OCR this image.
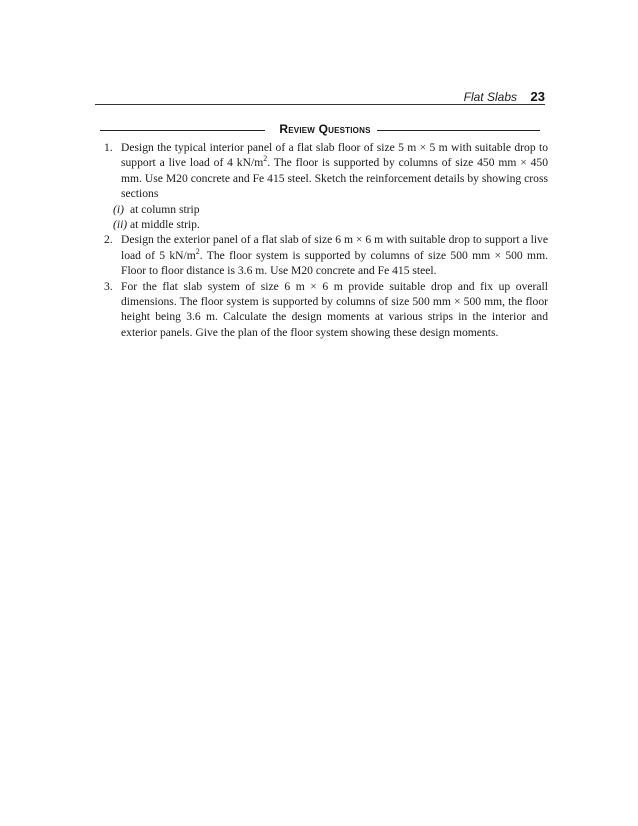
Flat Slabs 23
Review Questions
1. Design the typical interior panel of a flat slab floor of size 5 m × 5 m with suitable drop to support a live load of 4 $kN/m^2$. The floor is supported by columns of size 450 mm × 450 mm. Use M20 concrete and Fe 415 steel. Sketch the reinforcement details by showing cross sections
(i) at column strip
(ii) at middle strip.
2. Design the exterior panel of a flat slab of size 6 m × 6 m with suitable drop to support a live load of 5 $kN/m^2$. The floor system is supported by columns of size 500 mm × 500 mm. Floor to floor distance is 3.6 m. Use M20 concrete and Fe 415 steel.
3. For the flat slab system of size 6 m × 6 m provide suitable drop and fix up overall dimensions. The floor system is supported by columns of size 500 mm × 500 mm, the floor height being 3.6 m. Calculate the design moments at various strips in the interior and exterior panels. Give the plan of the floor system showing these design moments.
